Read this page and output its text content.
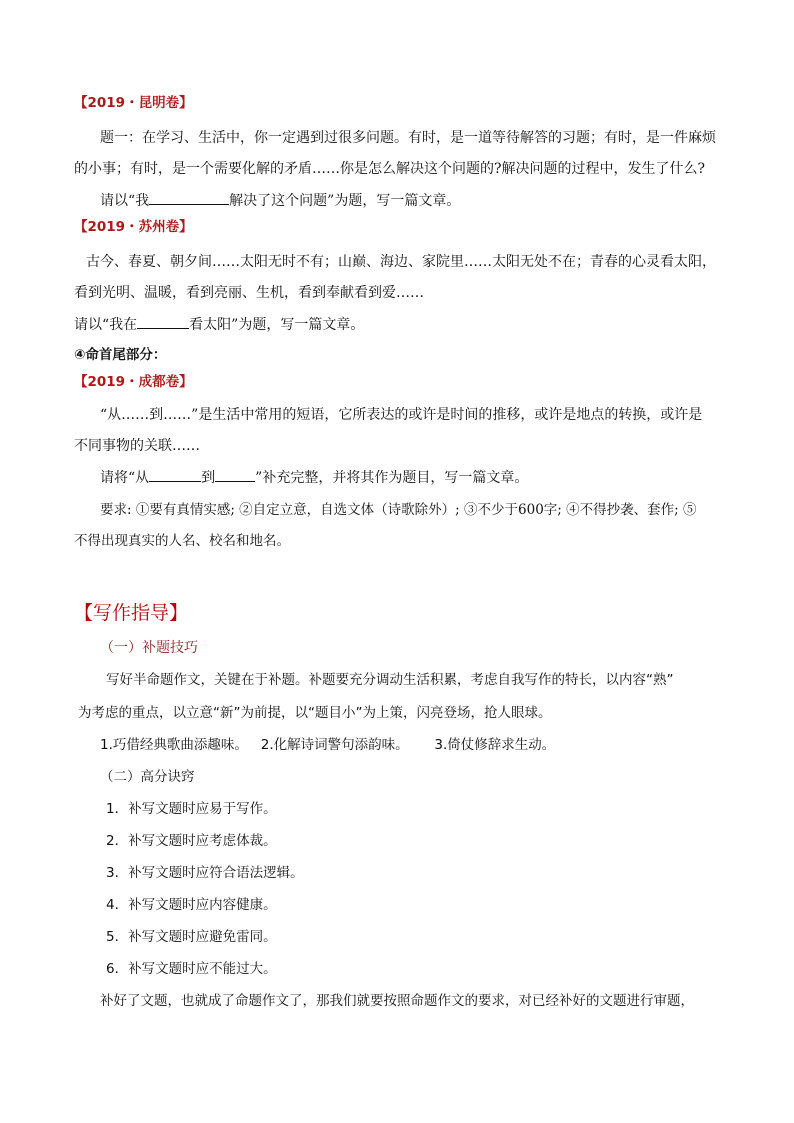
【2019・昆明卷】
题一：在学习、生活中，你一定遇到过很多问题。有时，是一道等待解答的习题；有时，是一件麻烦
的小事；有时，是一个需要化解的矛盾……你是怎么解决这个问题的?解决问题的过程中，发生了什么?
请以“我	解决了这个问题”为题，写一篇文章。
【2019・苏州卷】
古今、春夏、朝夕间……太阳无时不有；山巅、海边、家院里……太阳无处不在；青春的心灵看太阳，
看到光明、温暖，看到亮丽、生机，看到奉献看到爱……
请以“我在	看太阳”为题，写一篇文章。
④命首尾部分：
【2019・成都卷】
“从……到……”是生活中常用的短语，它所表达的或许是时间的推移，或许是地点的转换，或许是
不同事物的关联……
请将“从	到	”补充完整，并将其作为题目，写一篇文章。
要求: ①要有真情实感; ②自定立意，自选文体（诗歌除外）; ③不少于600字; ④不得抄袭、套作; ⑤
不得出现真实的人名、校名和地名。
【写作指导】
（一）补题技巧
写好半命题作文，关键在于补题。补题要充分调动生活积累，考虑自我写作的特长，以内容“熟”
为考虑的重点，以立意“新”为前提，以“题目小”为上策，闪亮登场，抢人眼球。
1.巧借经典歌曲添趣味。   2.化解诗词警句添韵味。      3.倚仗修辞求生动。
（二）高分诀窍
1．补写文题时应易于写作。
2．补写文题时应考虑体裁。
3．补写文题时应符合语法逻辑。
4．补写文题时应内容健康。
5．补写文题时应避免雷同。
6．补写文题时应不能过大。
补好了文题，也就成了命题作文了，那我们就要按照命题作文的要求，对已经补好的文题进行审题，
